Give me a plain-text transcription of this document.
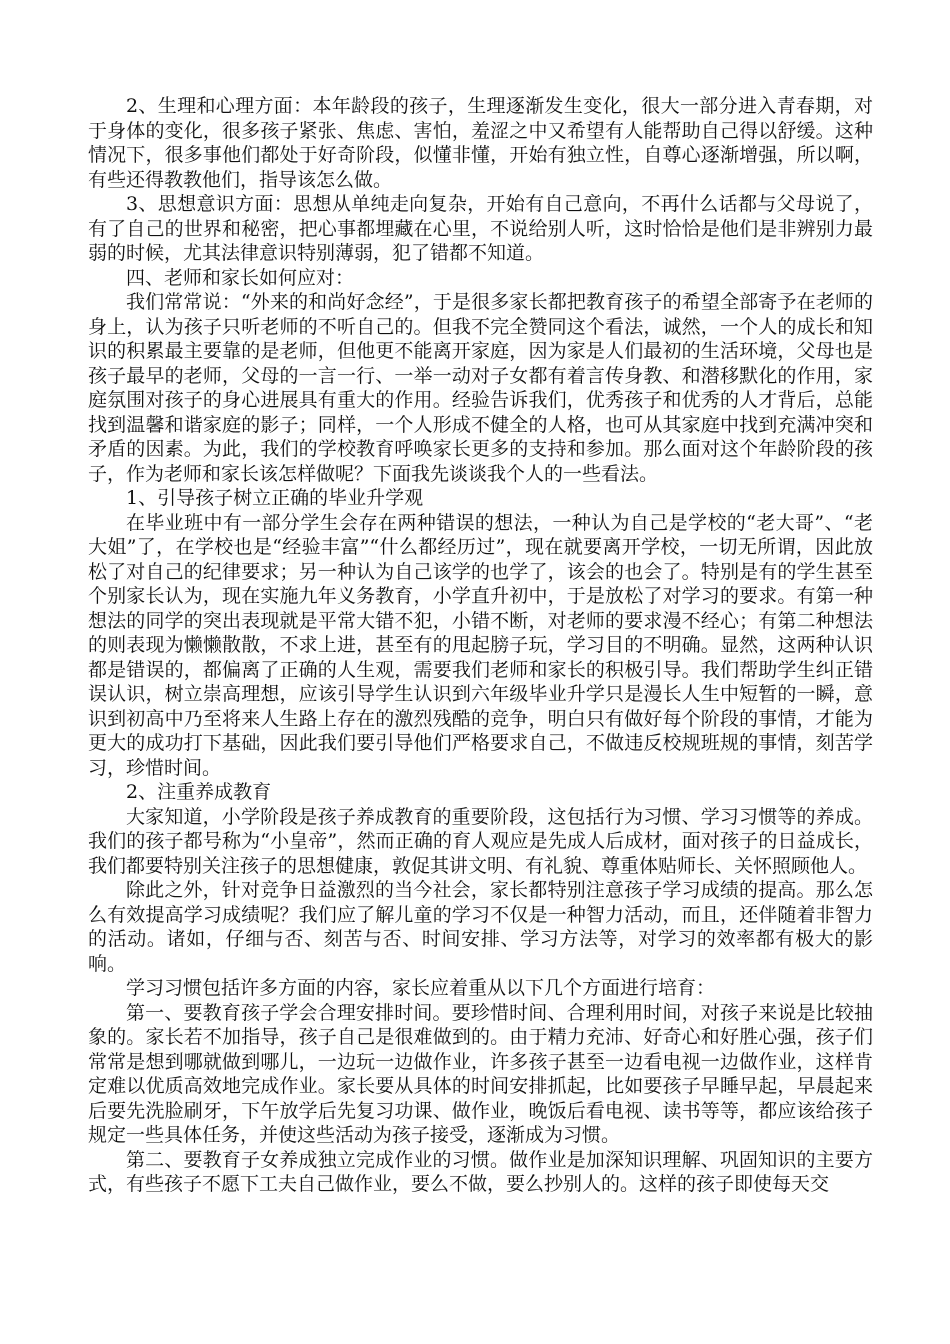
2、生理和心理方面：本年龄段的孩子，生理逐渐发生变化，很大一部分进入青春期，对于身体的变化，很多孩子紧张、焦虑、害怕，羞涩之中又希望有人能帮助自己得以舒缓。这种情况下，很多事他们都处于好奇阶段，似懂非懂，开始有独立性，自尊心逐渐增强，所以啊，有些还得教教他们，指导该怎么做。

3、思想意识方面：思想从单纯走向复杂，开始有自己意向，不再什么话都与父母说了，有了自己的世界和秘密，把心事都埋藏在心里，不说给别人听，这时恰恰是他们是非辨别力最弱的时候，尤其法律意识特别薄弱，犯了错都不知道。

四、老师和家长如何应对：

我们常常说：“外来的和尚好念经”，于是很多家长都把教育孩子的希望全部寄予在老师的身上，认为孩子只听老师的不听自己的。但我不完全赞同这个看法，诚然，一个人的成长和知识的积累最主要靠的是老师，但他更不能离开家庭，因为家是人们最初的生活环境，父母也是孩子最早的老师，父母的一言一行、一举一动对子女都有着言传身教、和潜移默化的作用，家庭氛围对孩子的身心进展具有重大的作用。经验告诉我们，优秀孩子和优秀的人才背后，总能找到温馨和谐家庭的影子；同样，一个人形成不健全的人格，也可从其家庭中找到充满冲突和矛盾的因素。为此，我们的学校教育呼唤家长更多的支持和参加。那么面对这个年龄阶段的孩子，作为老师和家长该怎样做呢？下面我先谈谈我个人的一些看法。

1、引导孩子树立正确的毕业升学观

在毕业班中有一部分学生会存在两种错误的想法，一种认为自己是学校的“老大哥”、“老大姐”了，在学校也是“经验丰富”“什么都经历过”，现在就要离开学校，一切无所谓，因此放松了对自己的纪律要求；另一种认为自己该学的也学了，该会的也会了。特别是有的学生甚至个别家长认为，现在实施九年义务教育，小学直升初中，于是放松了对学习的要求。有第一种想法的同学的突出表现就是平常大错不犯，小错不断，对老师的要求漫不经心；有第二种想法的则表现为懒懒散散，不求上进，甚至有的甩起膀子玩，学习目的不明确。显然，这两种认识都是错误的，都偏离了正确的人生观，需要我们老师和家长的积极引导。我们帮助学生纠正错误认识，树立崇高理想，应该引导学生认识到六年级毕业升学只是漫长人生中短暂的一瞬，意识到初高中乃至将来人生路上存在的激烈残酷的竞争，明白只有做好每个阶段的事情，才能为更大的成功打下基础，因此我们要引导他们严格要求自己，不做违反校规班规的事情，刻苦学习，珍惜时间。

2、注重养成教育

大家知道，小学阶段是孩子养成教育的重要阶段，这包括行为习惯、学习习惯等的养成。我们的孩子都号称为“小皇帝”，然而正确的育人观应是先成人后成材，面对孩子的日益成长，我们都要特别关注孩子的思想健康，敦促其讲文明、有礼貌、尊重体贴师长、关怀照顾他人。

除此之外，针对竞争日益激烈的当今社会，家长都特别注意孩子学习成绩的提高。那么怎么有效提高学习成绩呢？我们应了解儿童的学习不仅是一种智力活动，而且，还伴随着非智力的活动。诸如，仔细与否、刻苦与否、时间安排、学习方法等，对学习的效率都有极大的影响。

学习习惯包括许多方面的内容，家长应着重从以下几个方面进行培育：

第一、要教育孩子学会合理安排时间。要珍惜时间、合理利用时间，对孩子来说是比较抽象的。家长若不加指导，孩子自己是很难做到的。由于精力充沛、好奇心和好胜心强，孩子们常常是想到哪就做到哪儿，一边玩一边做作业，许多孩子甚至一边看电视一边做作业，这样肯定难以优质高效地完成作业。家长要从具体的时间安排抓起，比如要孩子早睡早起，早晨起来后要先洗脸刷牙，下午放学后先复习功课、做作业，晚饭后看电视、读书等等，都应该给孩子规定一些具体任务，并使这些活动为孩子接受，逐渐成为习惯。

第二、要教育子女养成独立完成作业的习惯。做作业是加深知识理解、巩固知识的主要方式，有些孩子不愿下工夫自己做作业，要么不做，要么抄别人的。这样的孩子即使每天交
